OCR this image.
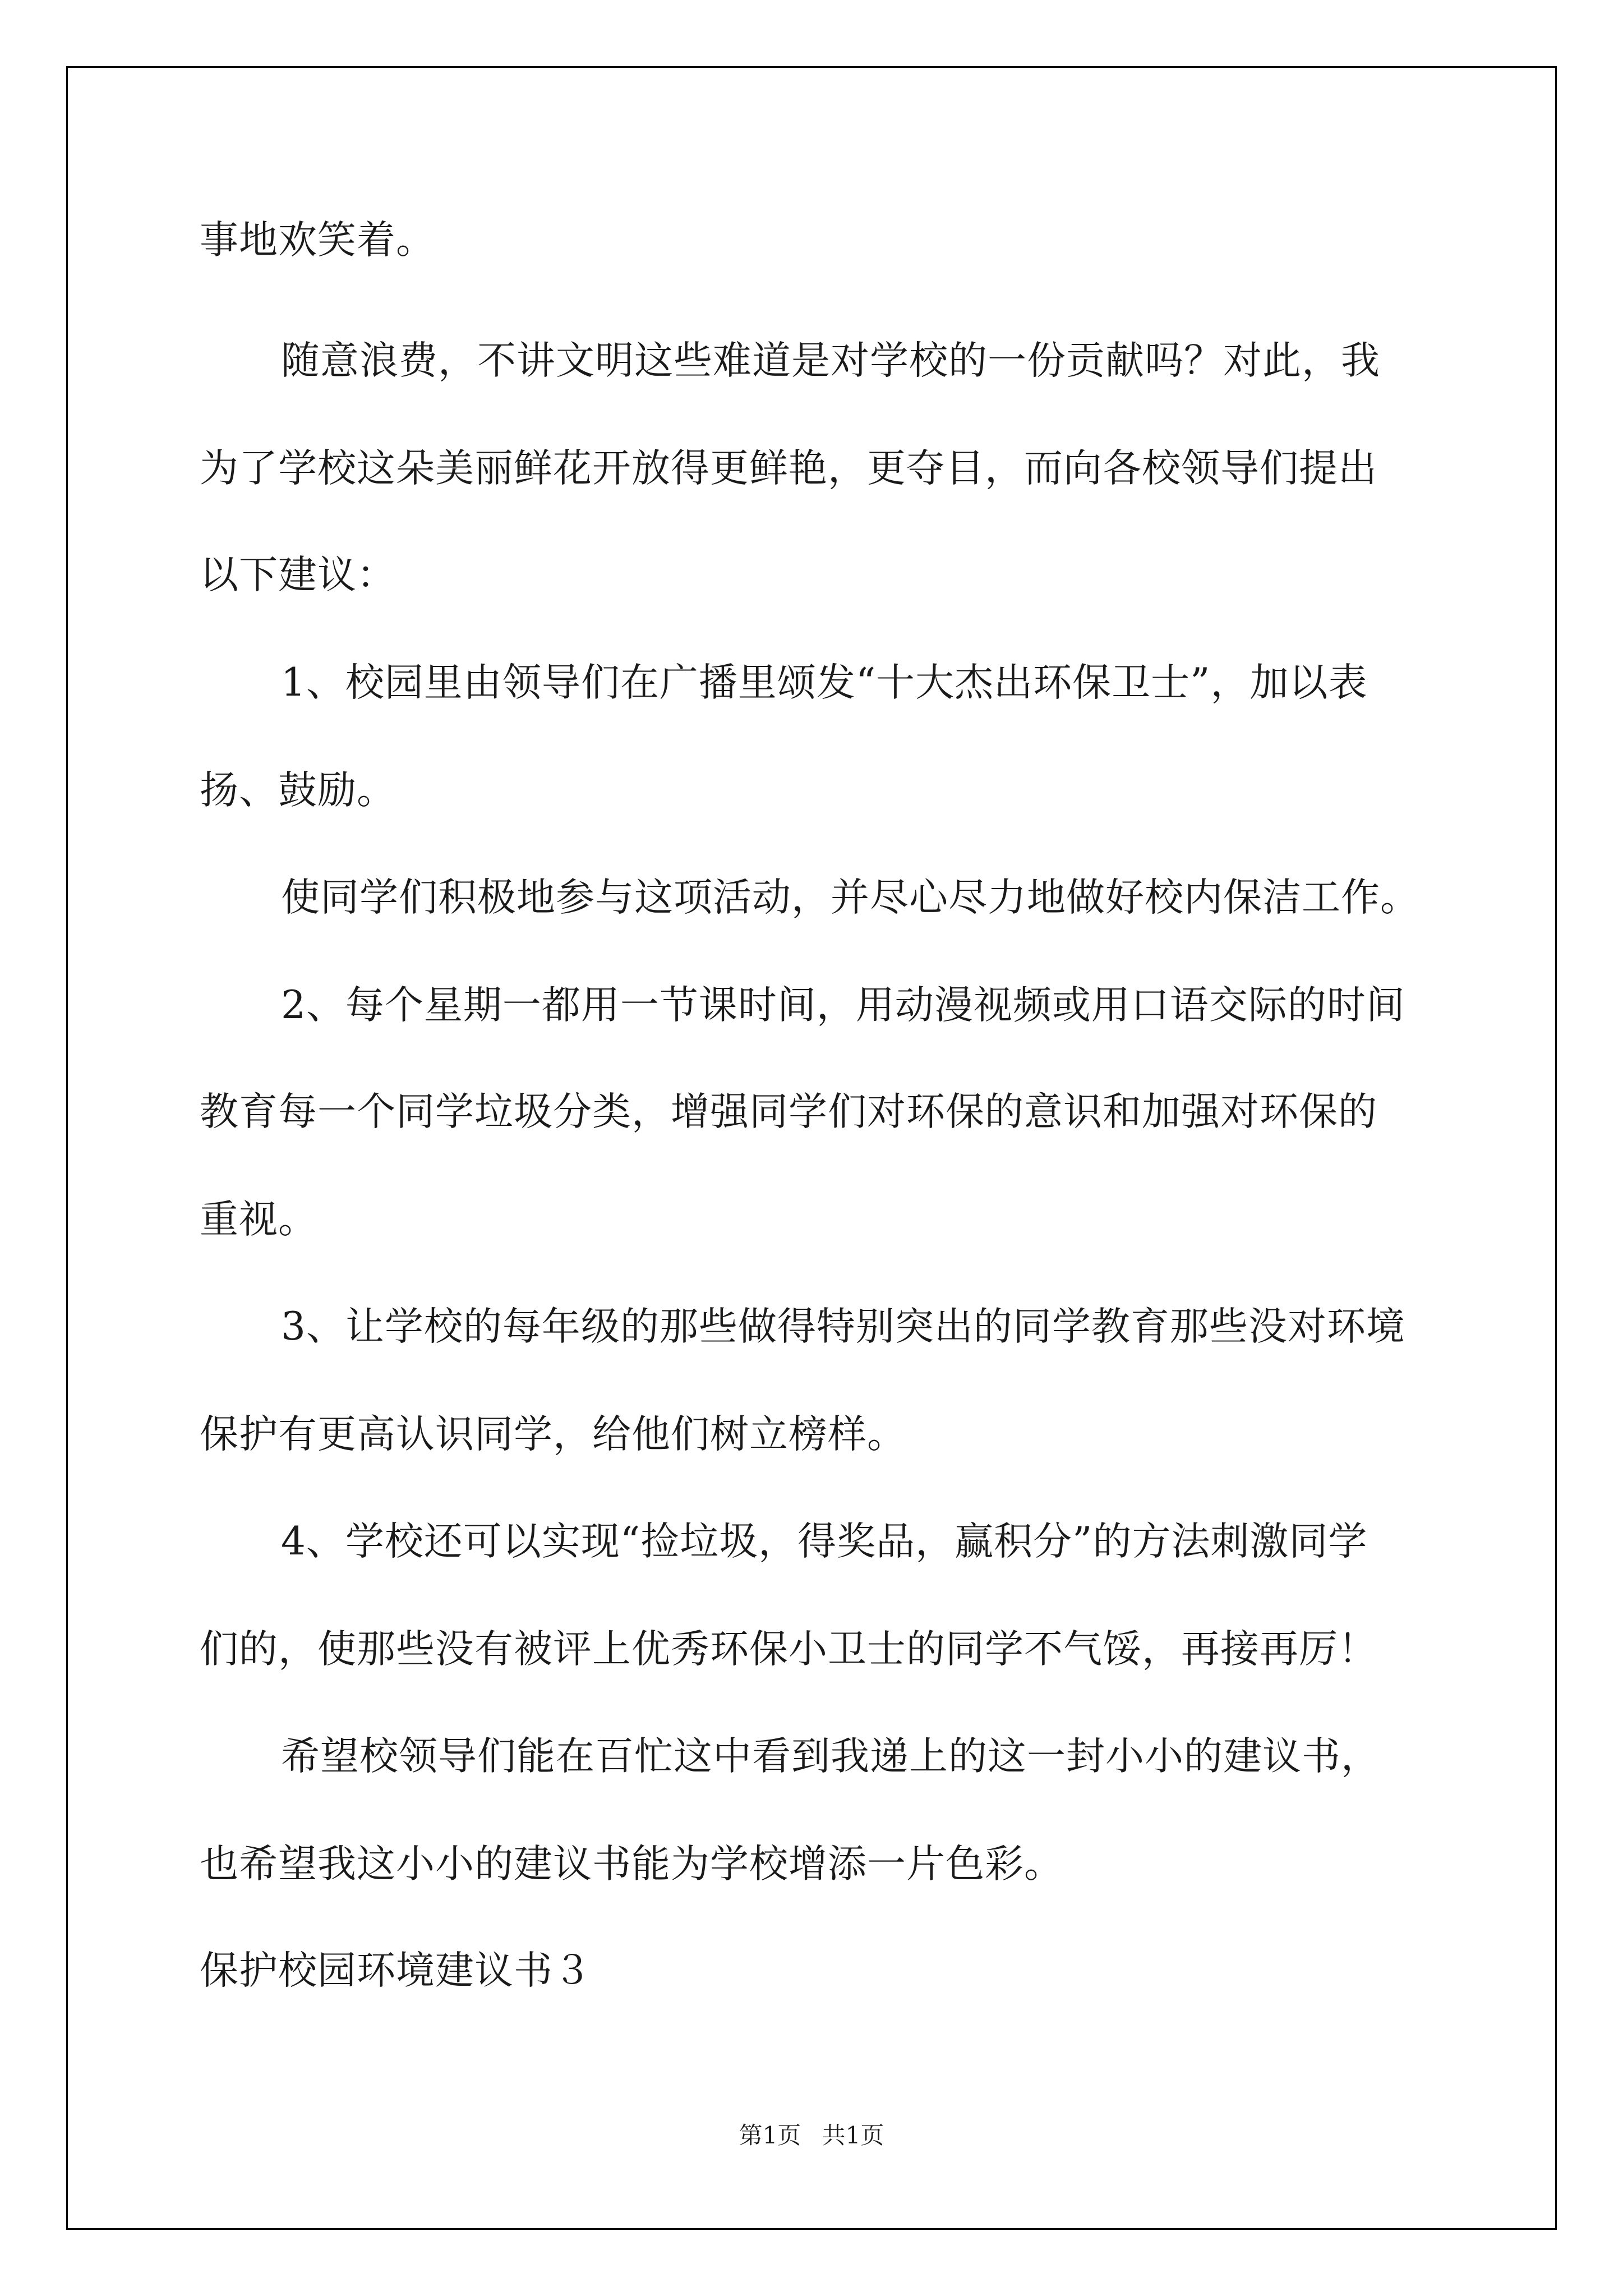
事地欢笑着。
随意浪费，不讲文明这些难道是对学校的一份贡献吗？对此，我
为了学校这朵美丽鲜花开放得更鲜艳，更夺目，而向各校领导们提出
以下建议：
1、校园里由领导们在广播里颂发“十大杰出环保卫士”，加以表
扬、鼓励。
使同学们积极地参与这项活动，并尽心尽力地做好校内保洁工作。
2、每个星期一都用一节课时间，用动漫视频或用口语交际的时间
教育每一个同学垃圾分类，增强同学们对环保的意识和加强对环保的
重视。
3、让学校的每年级的那些做得特别突出的同学教育那些没对环境
保护有更高认识同学，给他们树立榜样。
4、学校还可以实现“捡垃圾，得奖品，赢积分”的方法刺激同学
们的，使那些没有被评上优秀环保小卫士的同学不气馁，再接再厉！
希望校领导们能在百忙这中看到我递上的这一封小小的建议书，
也希望我这小小的建议书能为学校增添一片色彩。
保护校园环境建议书３
第1页 共1页
